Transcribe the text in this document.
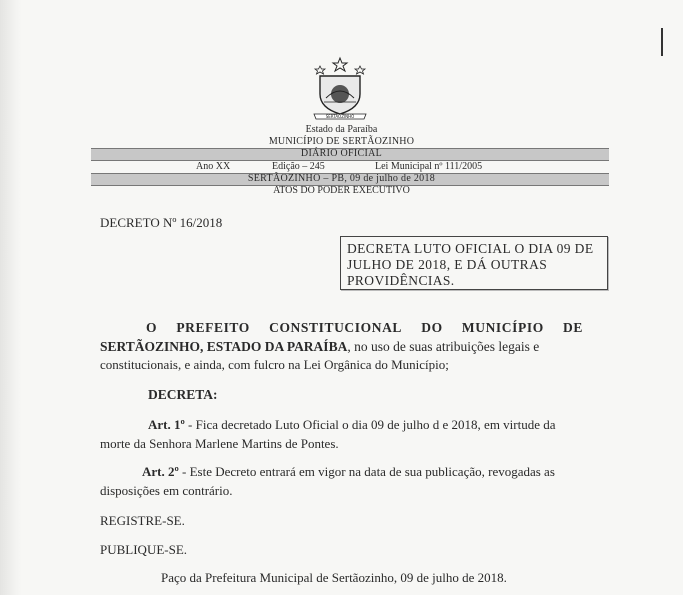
SERTÃOZINHO
Estado da Paraíba
MUNICÍPIO DE SERTÃOZINHO
DIÁRIO OFICIAL
Ano XX	Edição – 245	Lei Municipal nº 111/2005
SERTÃOZINHO – PB, 09 de julho de 2018
ATOS DO PODER EXECUTIVO
DECRETO Nº 16/2018
DECRETA LUTO OFICIAL O DIA 09 DE
JULHO DE 2018, E DÁ OUTRAS
PROVIDÊNCIAS.
O PREFEITO CONSTITUCIONAL DO MUNICÍPIO DE
SERTÃOZINHO, ESTADO DA PARAÍBA, no uso de suas atribuições legais e
constitucionais, e ainda, com fulcro na Lei Orgânica do Município;
DECRETA:
Art. 1º - Fica decretado Luto Oficial o dia 09 de julho d e 2018, em virtude da
morte da Senhora Marlene Martins de Pontes.
Art. 2º - Este Decreto entrará em vigor na data de sua publicação, revogadas as
disposições em contrário.
REGISTRE-SE.
PUBLIQUE-SE.
Paço da Prefeitura Municipal de Sertãozinho, 09 de julho de 2018.
